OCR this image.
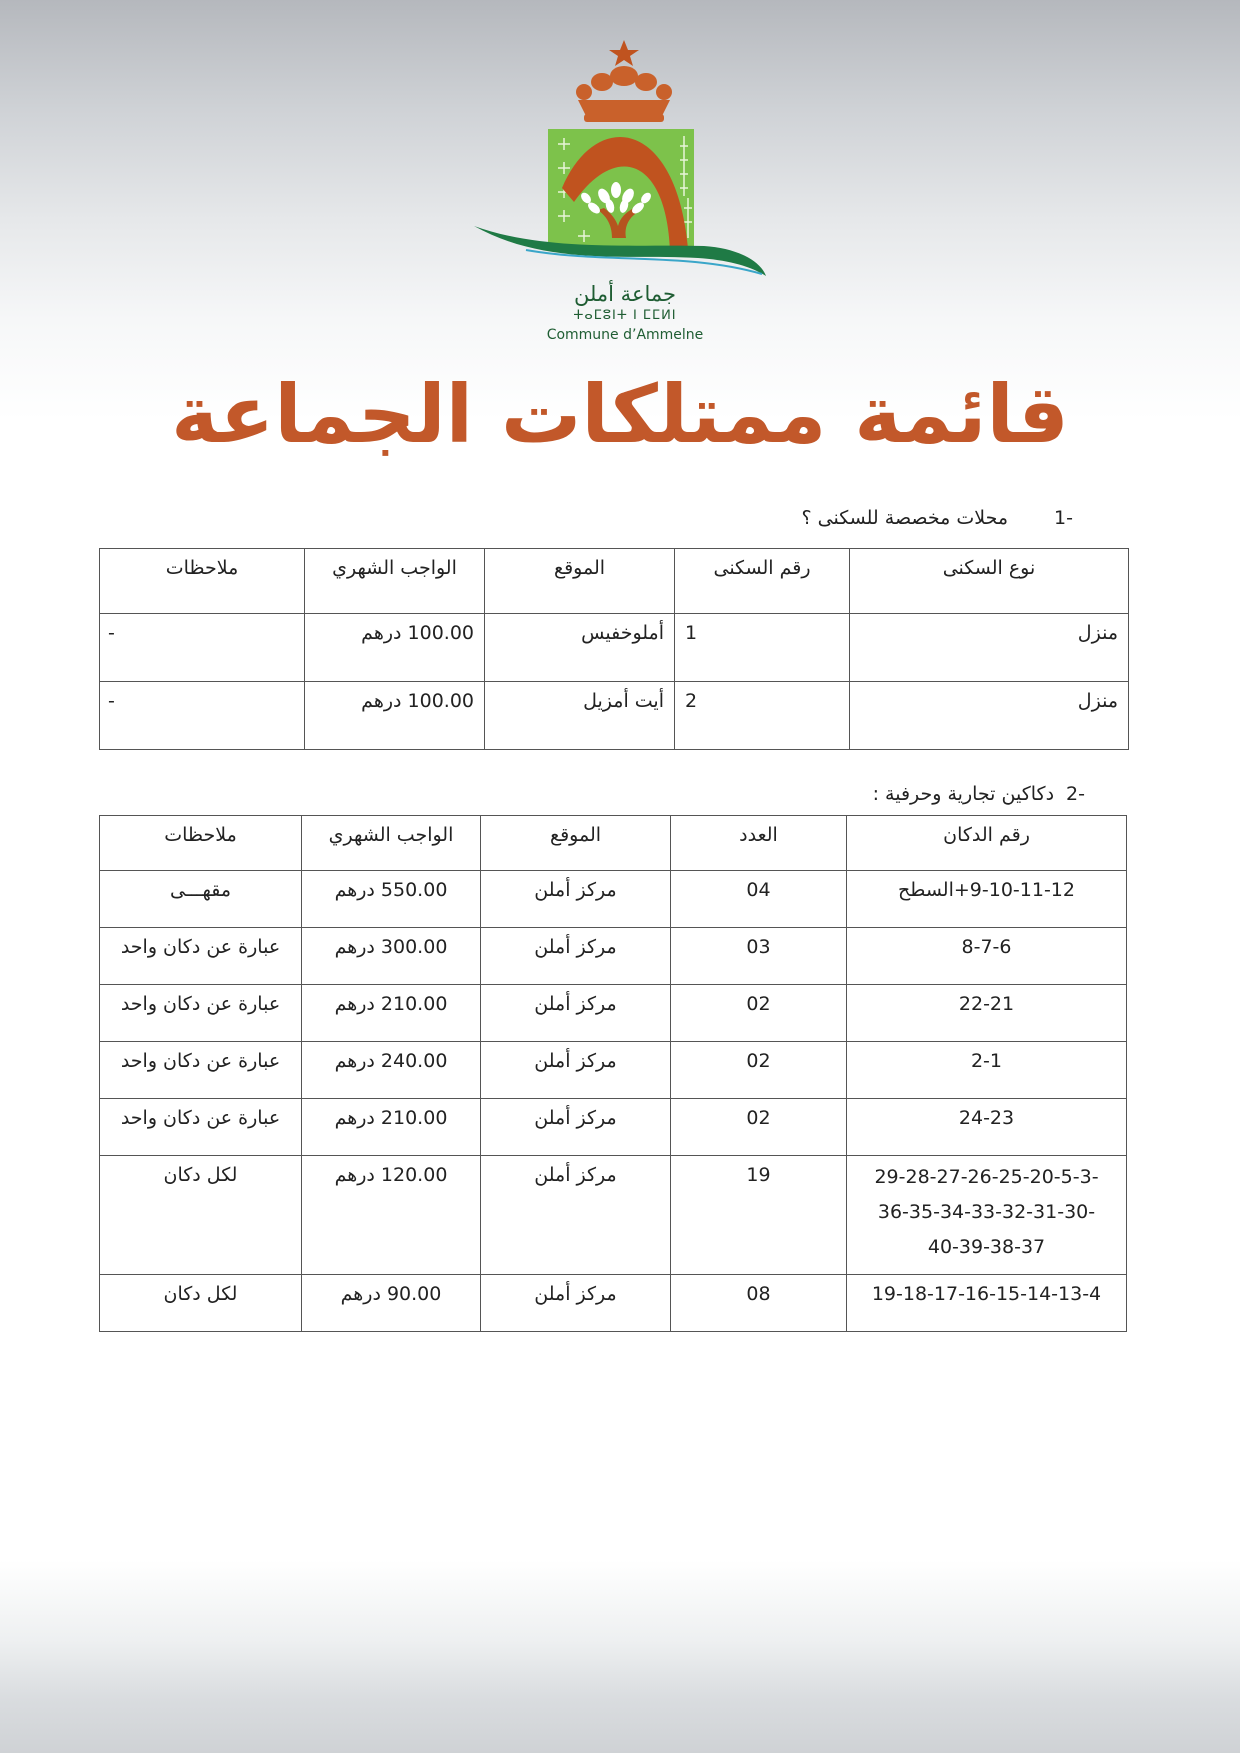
جماعة أملن
ⵜⴰⵎⵓⵏⵜ ⵏ ⵎⵎⵍⵏ
Commune d’Ammelne
قائمة ممتلكات الجماعة
-1محلات مخصصة للسكنى ؟
نوع السكنى	رقم السكنى	الموقع	الواجب الشهري	ملاحظات
منزل	1	أملوخفيس	100.00 درهم	-
منزل	2	أيت أمزيل	100.00 درهم	-
-2دكاكين تجارية وحرفية :
رقم الدكان	العدد	الموقع	الواجب الشهري	ملاحظات
9-10-11-12+السطح	04	مركز أملن	550.00 درهم	مقهـــى
8-7-6	03	مركز أملن	300.00 درهم	عبارة عن دكان واحد
22-21	02	مركز أملن	210.00 درهم	عبارة عن دكان واحد
2-1	02	مركز أملن	240.00 درهم	عبارة عن دكان واحد
24-23	02	مركز أملن	210.00 درهم	عبارة عن دكان واحد

-29-28-27-26-25-20-5-3
-36-35-34-33-32-31-30
40-39-38-37	19	مركز أملن	120.00 درهم	لكل دكان
19-18-17-16-15-14-13-4	08	مركز أملن	90.00 درهم	لكل دكان
